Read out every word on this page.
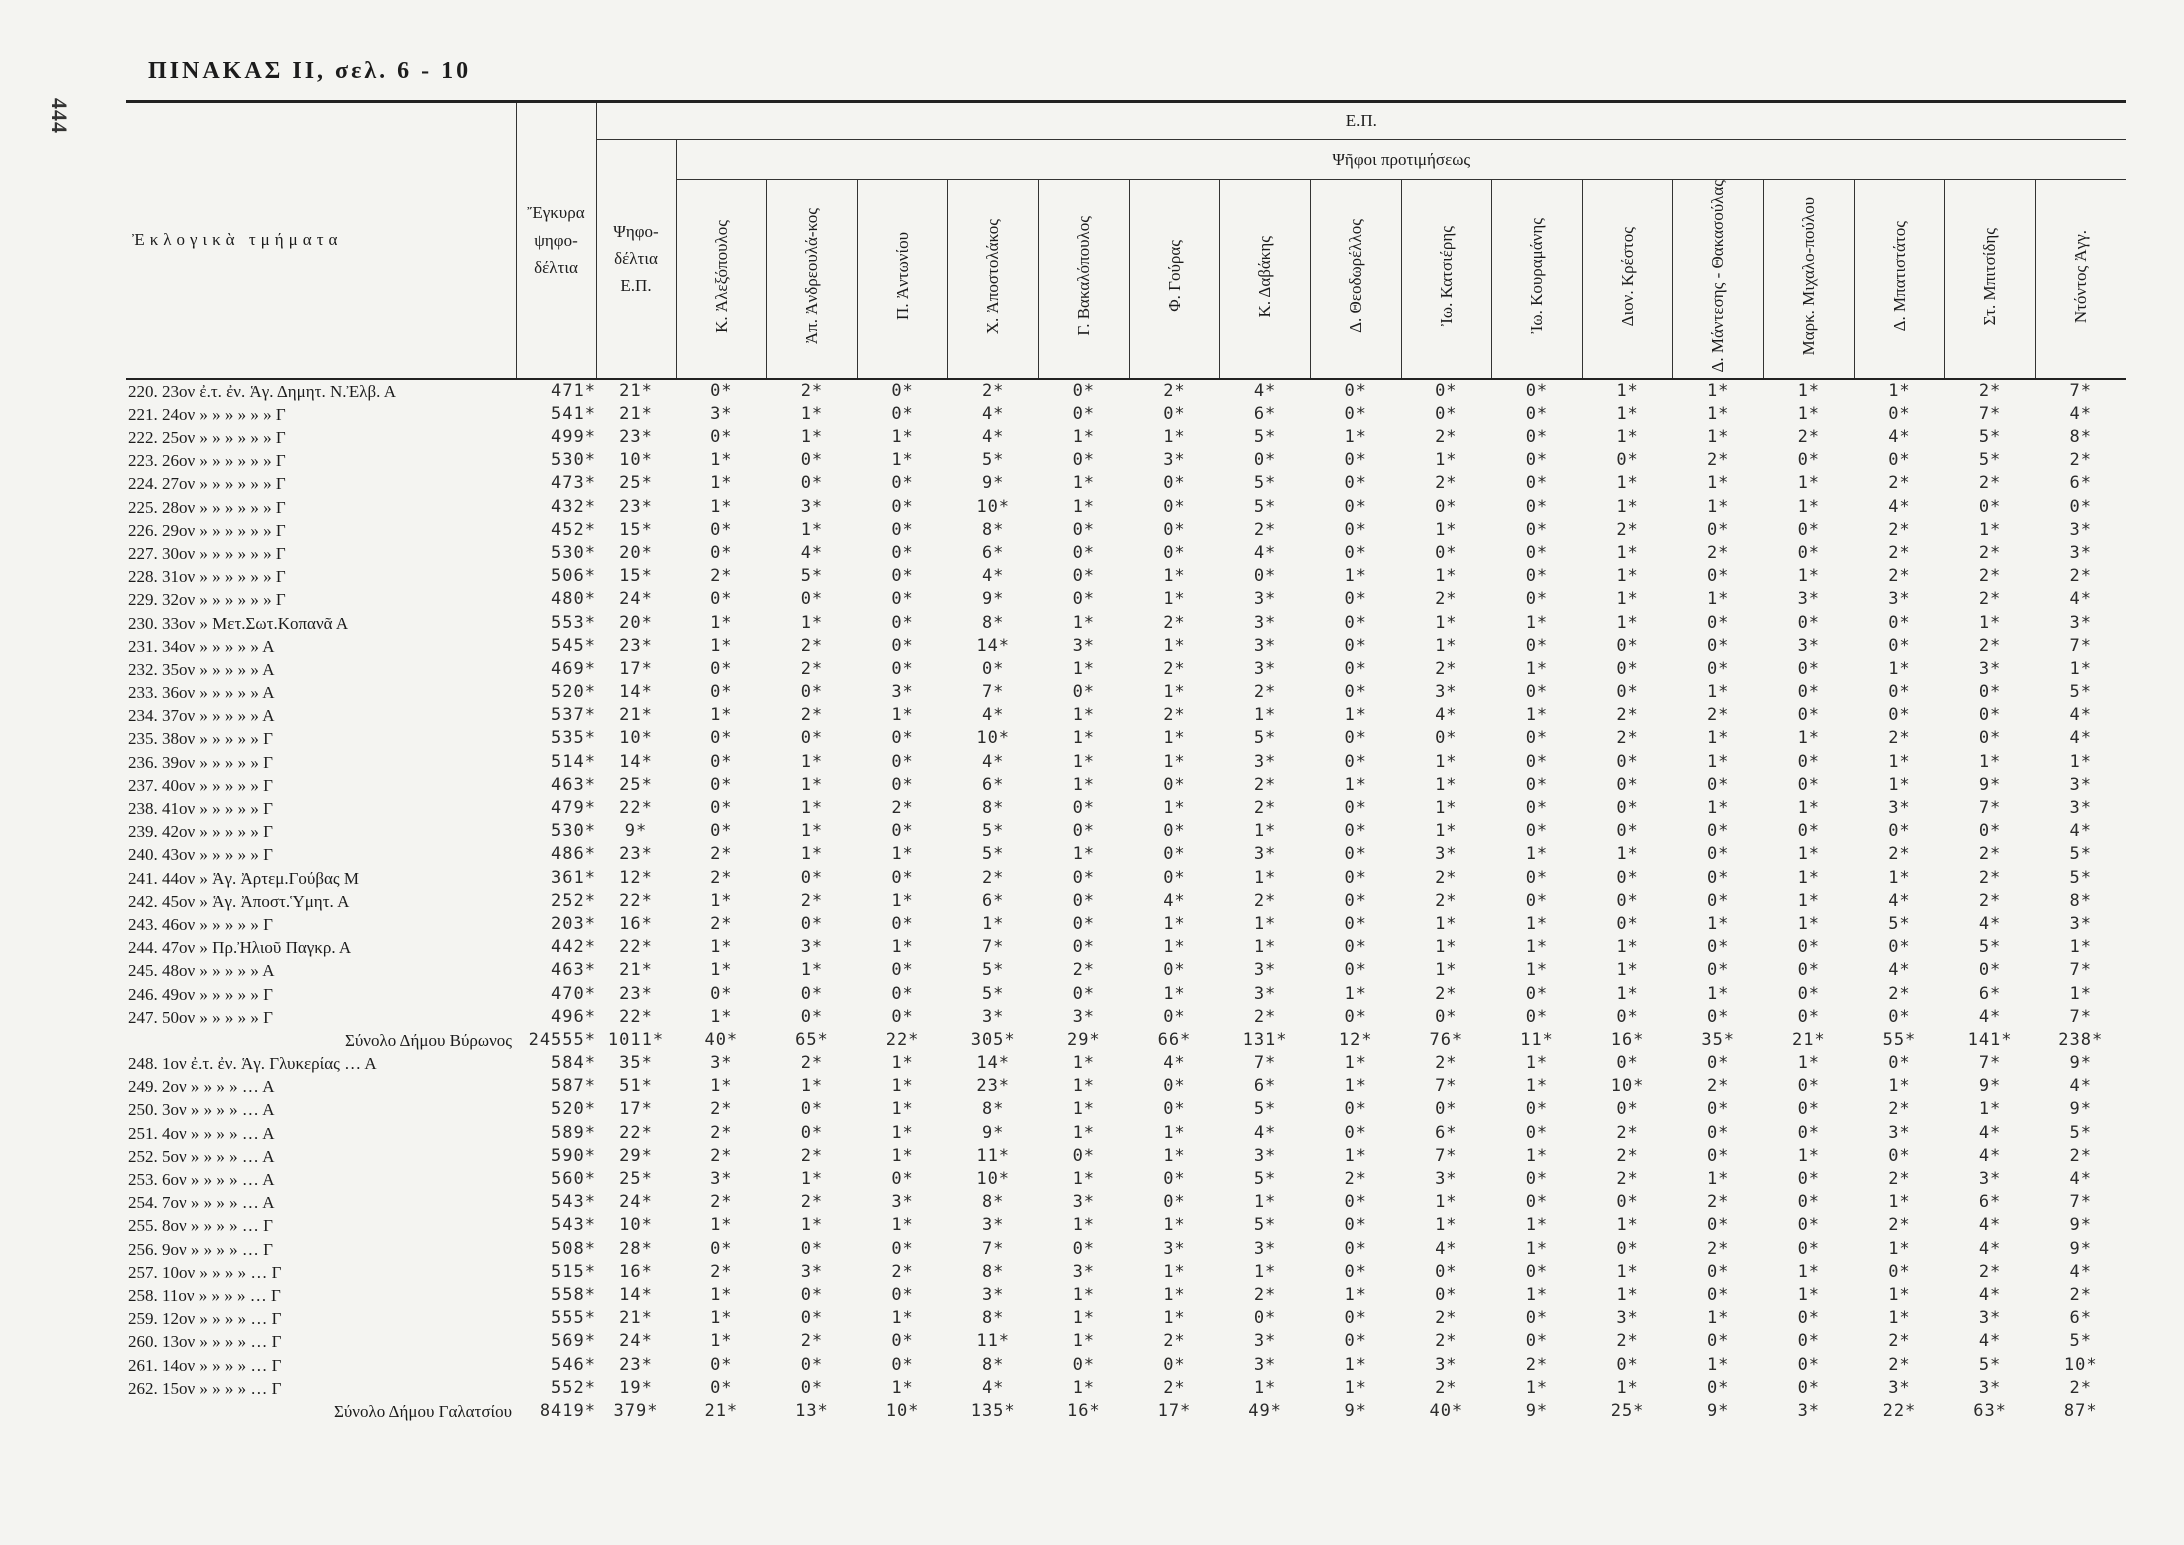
444
ΠΙΝΑΚΑΣ ΙΙ, σελ. 6 - 10
Ἐκλογικὰ τμήματα	Ἔγκυρα ψηφο- δέλτια	Ε.Π.																
		Ψηφο- δέλτια Ε.Π.	Ψῆφοι προτιμήσεως															
			Κ. Ἀλεξόπουλος	Ἀπ. Ἀνδρεουλά-κος	Π. Ἀντωνίου	Χ. Ἀποστολάκος	Γ. Βακαλόπουλος	Φ. Γούρας	Κ. Δαβάκης	Δ. Θεοδωρέλλος	Ἰω. Κατσιέρης	Ἰω. Κουραμάνης	Διον. Κρέστος	Δ. Μάντεσης - Θακασούλας	Μαρκ. Μιχαλο-πούλου	Δ. Μπατιστάτος	Στ. Μπιτσίδης	Ντόντος Ἀγγ.
220. 23ον ἐ.τ. ἐν. Ἁγ. Δημητ. Ν.Ἐλβ. Α	471*	21*	0*	2*	0*	2*	0*	2*	4*	0*	0*	0*	1*	1*	1*	1*	2*	7*
221. 24ον » » » » » » Γ	541*	21*	3*	1*	0*	4*	0*	0*	6*	0*	0*	0*	1*	1*	1*	0*	7*	4*
222. 25ον » » » » » » Γ	499*	23*	0*	1*	1*	4*	1*	1*	5*	1*	2*	0*	1*	1*	2*	4*	5*	8*
223. 26ον » » » » » » Γ	530*	10*	1*	0*	1*	5*	0*	3*	0*	0*	1*	0*	0*	2*	0*	0*	5*	2*
224. 27ον » » » » » » Γ	473*	25*	1*	0*	0*	9*	1*	0*	5*	0*	2*	0*	1*	1*	1*	2*	2*	6*
225. 28ον » » » » » » Γ	432*	23*	1*	3*	0*	10*	1*	0*	5*	0*	0*	0*	1*	1*	1*	4*	0*	0*
226. 29ον » » » » » » Γ	452*	15*	0*	1*	0*	8*	0*	0*	2*	0*	1*	0*	2*	0*	0*	2*	1*	3*
227. 30ον » » » » » » Γ	530*	20*	0*	4*	0*	6*	0*	0*	4*	0*	0*	0*	1*	2*	0*	2*	2*	3*
228. 31ον » » » » » » Γ	506*	15*	2*	5*	0*	4*	0*	1*	0*	1*	1*	0*	1*	0*	1*	2*	2*	2*
229. 32ον » » » » » » Γ	480*	24*	0*	0*	0*	9*	0*	1*	3*	0*	2*	0*	1*	1*	3*	3*	2*	4*
230. 33ον » Μετ.Σωτ.Κοπανᾶ Α	553*	20*	1*	1*	0*	8*	1*	2*	3*	0*	1*	1*	1*	0*	0*	0*	1*	3*
231. 34ον » » » » » Α	545*	23*	1*	2*	0*	14*	3*	1*	3*	0*	1*	0*	0*	0*	3*	0*	2*	7*
232. 35ον » » » » » Α	469*	17*	0*	2*	0*	0*	1*	2*	3*	0*	2*	1*	0*	0*	0*	1*	3*	1*
233. 36ον » » » » » Α	520*	14*	0*	0*	3*	7*	0*	1*	2*	0*	3*	0*	0*	1*	0*	0*	0*	5*
234. 37ον » » » » » Α	537*	21*	1*	2*	1*	4*	1*	2*	1*	1*	4*	1*	2*	2*	0*	0*	0*	4*
235. 38ον » » » » » Γ	535*	10*	0*	0*	0*	10*	1*	1*	5*	0*	0*	0*	2*	1*	1*	2*	0*	4*
236. 39ον » » » » » Γ	514*	14*	0*	1*	0*	4*	1*	1*	3*	0*	1*	0*	0*	1*	0*	1*	1*	1*
237. 40ον » » » » » Γ	463*	25*	0*	1*	0*	6*	1*	0*	2*	1*	1*	0*	0*	0*	0*	1*	9*	3*
238. 41ον » » » » » Γ	479*	22*	0*	1*	2*	8*	0*	1*	2*	0*	1*	0*	0*	1*	1*	3*	7*	3*
239. 42ον » » » » » Γ	530*	9*	0*	1*	0*	5*	0*	0*	1*	0*	1*	0*	0*	0*	0*	0*	0*	4*
240. 43ον » » » » » Γ	486*	23*	2*	1*	1*	5*	1*	0*	3*	0*	3*	1*	1*	0*	1*	2*	2*	5*
241. 44ον » Ἁγ. Ἀρτεμ.Γούβας Μ	361*	12*	2*	0*	0*	2*	0*	0*	1*	0*	2*	0*	0*	0*	1*	1*	2*	5*
242. 45ον » Ἁγ. Ἀποστ.Ὑμητ. Α	252*	22*	1*	2*	1*	6*	0*	4*	2*	0*	2*	0*	0*	0*	1*	4*	2*	8*
243. 46ον » » » » » Γ	203*	16*	2*	0*	0*	1*	0*	1*	1*	0*	1*	1*	0*	1*	1*	5*	4*	3*
244. 47ον » Πρ.Ἠλιοῦ Παγκρ. Α	442*	22*	1*	3*	1*	7*	0*	1*	1*	0*	1*	1*	1*	0*	0*	0*	5*	1*
245. 48ον » » » » » Α	463*	21*	1*	1*	0*	5*	2*	0*	3*	0*	1*	1*	1*	0*	0*	4*	0*	7*
246. 49ον » » » » » Γ	470*	23*	0*	0*	0*	5*	0*	1*	3*	1*	2*	0*	1*	1*	0*	2*	6*	1*
247. 50ον » » » » » Γ	496*	22*	1*	0*	0*	3*	3*	0*	2*	0*	0*	0*	0*	0*	0*	0*	4*	7*
Σύνολο Δήμου Βύρωνος	24555*	1011*	40*	65*	22*	305*	29*	66*	131*	12*	76*	11*	16*	35*	21*	55*	141*	238*
248. 1ον ἐ.τ. ἐν. Ἁγ. Γλυκερίας … Α	584*	35*	3*	2*	1*	14*	1*	4*	7*	1*	2*	1*	0*	0*	1*	0*	7*	9*
249. 2ον » » » » … Α	587*	51*	1*	1*	1*	23*	1*	0*	6*	1*	7*	1*	10*	2*	0*	1*	9*	4*
250. 3ον » » » » … Α	520*	17*	2*	0*	1*	8*	1*	0*	5*	0*	0*	0*	0*	0*	0*	2*	1*	9*
251. 4ον » » » » … Α	589*	22*	2*	0*	1*	9*	1*	1*	4*	0*	6*	0*	2*	0*	0*	3*	4*	5*
252. 5ον » » » » … Α	590*	29*	2*	2*	1*	11*	0*	1*	3*	1*	7*	1*	2*	0*	1*	0*	4*	2*
253. 6ον » » » » … Α	560*	25*	3*	1*	0*	10*	1*	0*	5*	2*	3*	0*	2*	1*	0*	2*	3*	4*
254. 7ον » » » » … Α	543*	24*	2*	2*	3*	8*	3*	0*	1*	0*	1*	0*	0*	2*	0*	1*	6*	7*
255. 8ον » » » » … Γ	543*	10*	1*	1*	1*	3*	1*	1*	5*	0*	1*	1*	1*	0*	0*	2*	4*	9*
256. 9ον » » » » … Γ	508*	28*	0*	0*	0*	7*	0*	3*	3*	0*	4*	1*	0*	2*	0*	1*	4*	9*
257. 10ον » » » » … Γ	515*	16*	2*	3*	2*	8*	3*	1*	1*	0*	0*	0*	1*	0*	1*	0*	2*	4*
258. 11ον » » » » … Γ	558*	14*	1*	0*	0*	3*	1*	1*	2*	1*	0*	1*	1*	0*	1*	1*	4*	2*
259. 12ον » » » » … Γ	555*	21*	1*	0*	1*	8*	1*	1*	0*	0*	2*	0*	3*	1*	0*	1*	3*	6*
260. 13ον » » » » … Γ	569*	24*	1*	2*	0*	11*	1*	2*	3*	0*	2*	0*	2*	0*	0*	2*	4*	5*
261. 14ον » » » » … Γ	546*	23*	0*	0*	0*	8*	0*	0*	3*	1*	3*	2*	0*	1*	0*	2*	5*	10*
262. 15ον » » » » … Γ	552*	19*	0*	0*	1*	4*	1*	2*	1*	1*	2*	1*	1*	0*	0*	3*	3*	2*
Σύνολο Δήμου Γαλατσίου	8419*	379*	21*	13*	10*	135*	16*	17*	49*	9*	40*	9*	25*	9*	3*	22*	63*	87*
